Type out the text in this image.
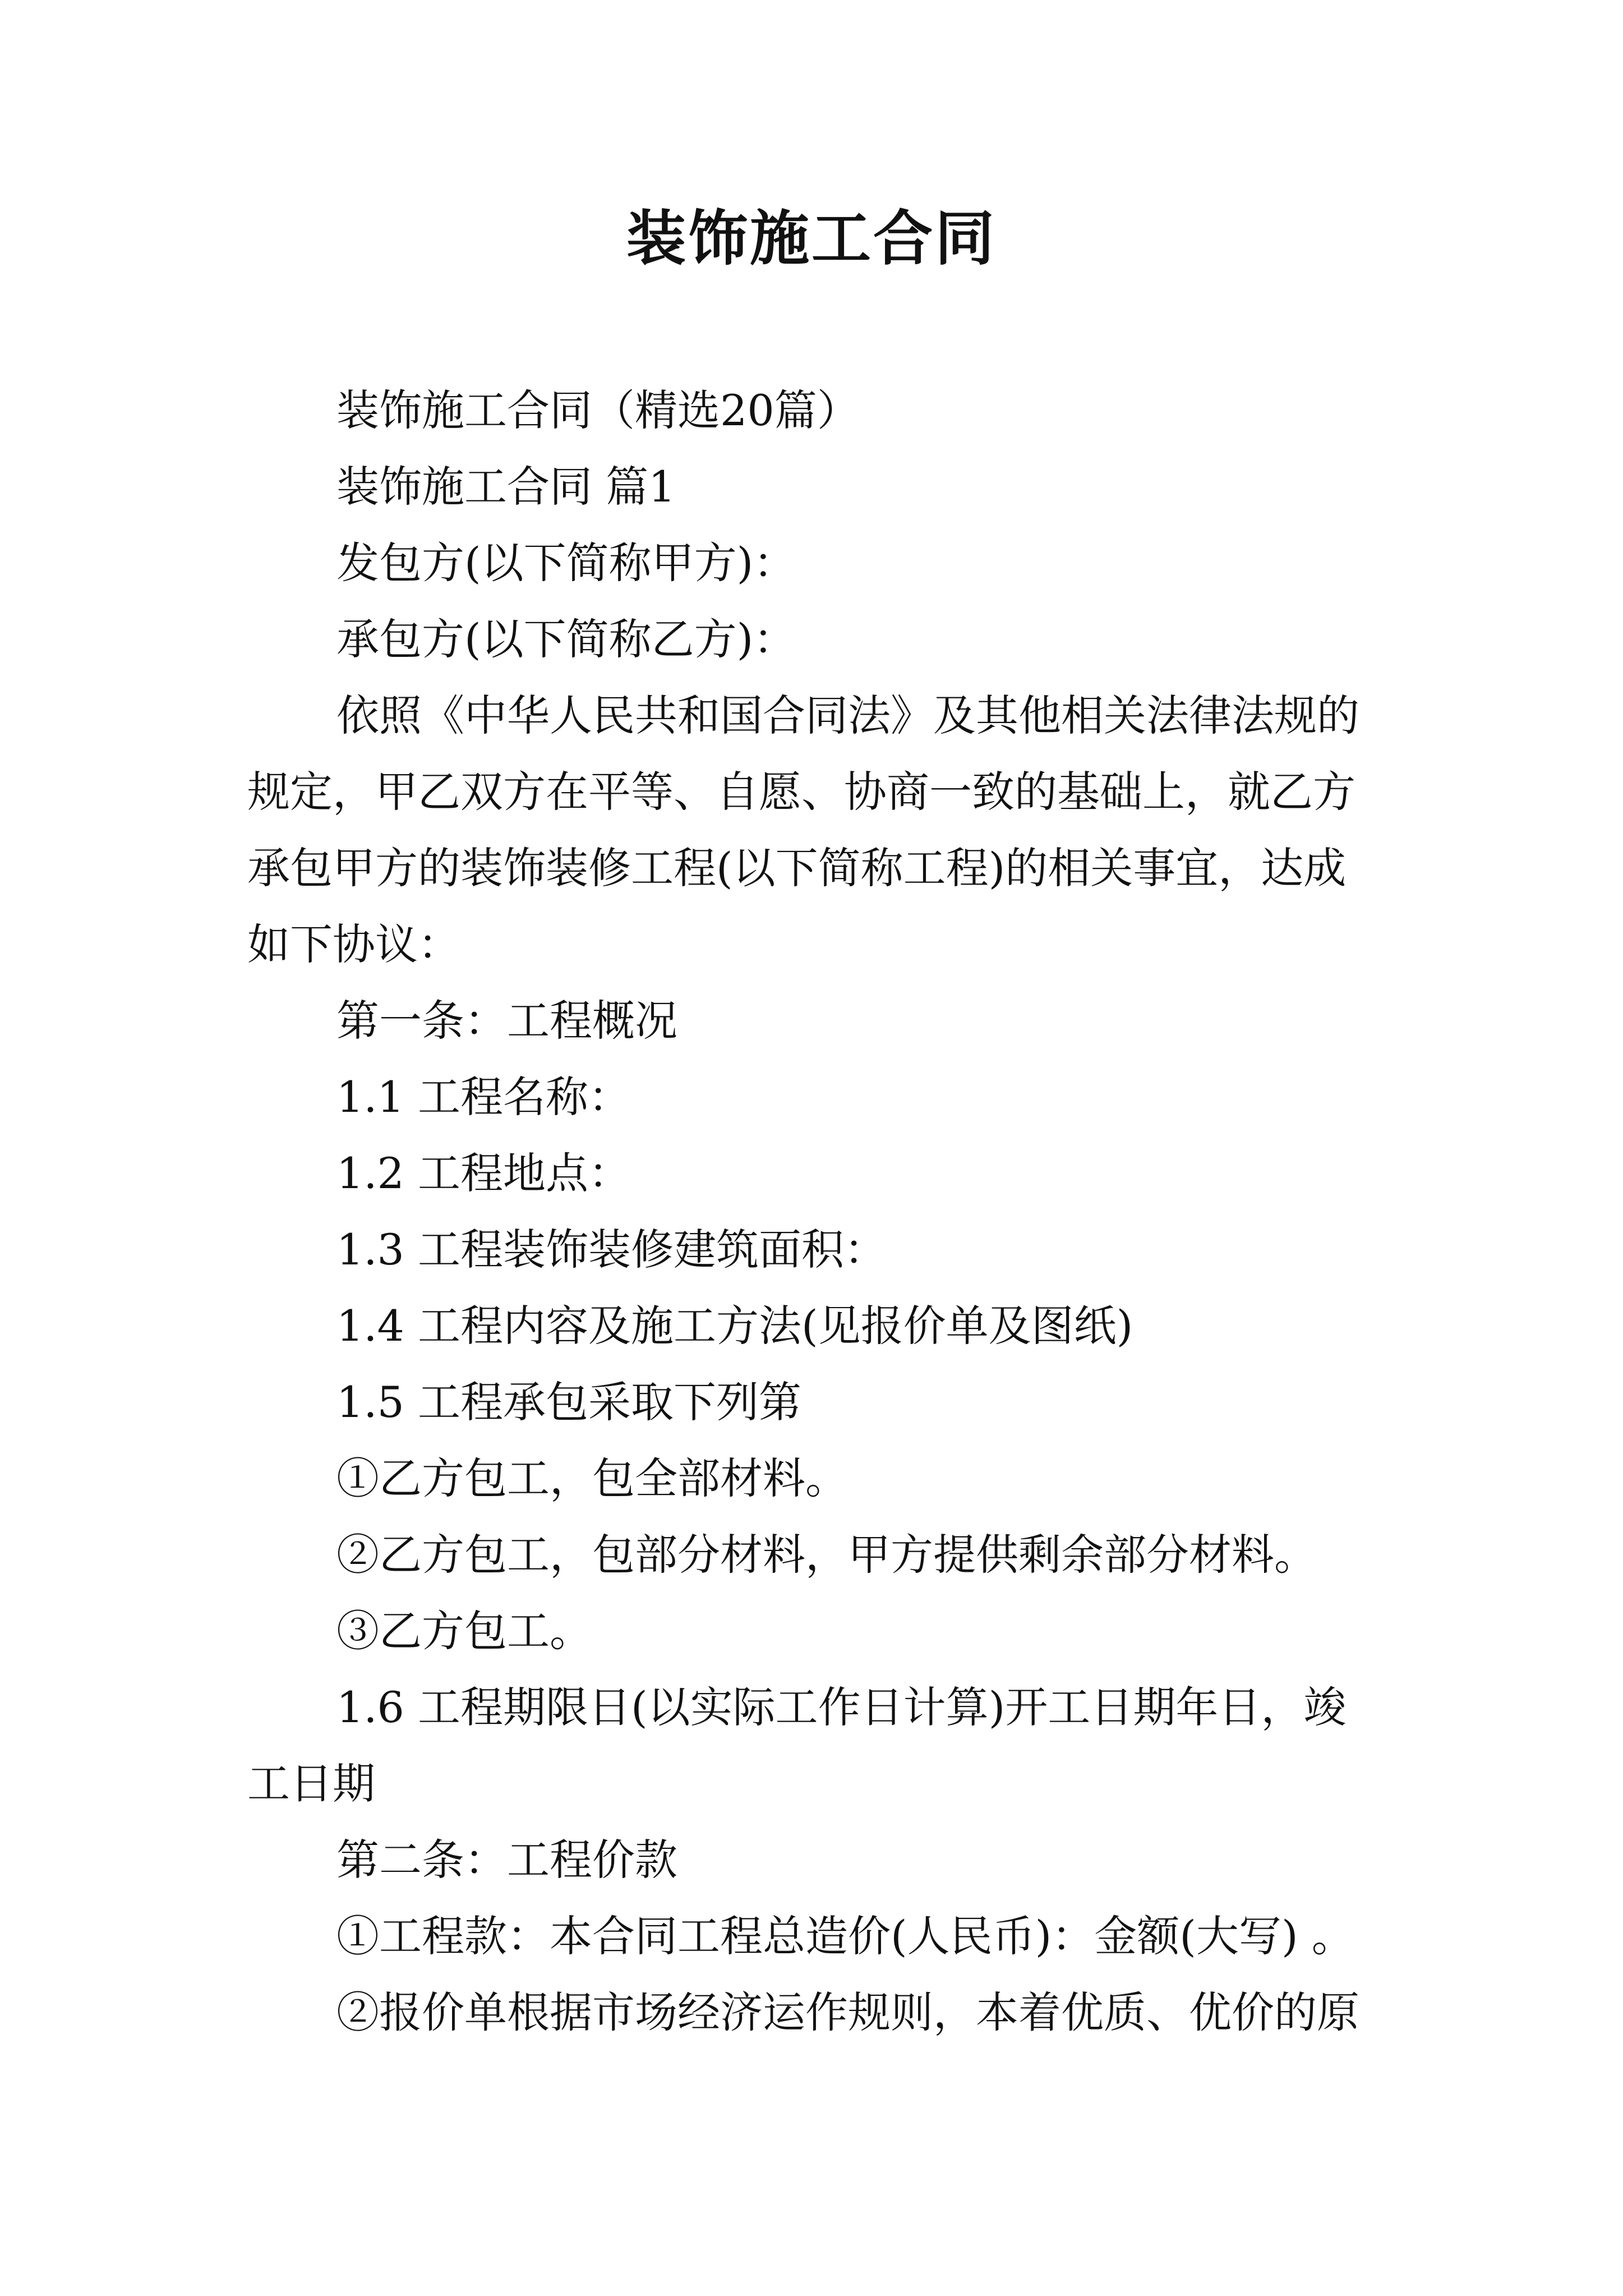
装饰施工合同
装饰施工合同（精选20篇）
装饰施工合同 篇1
发包方(以下简称甲方)：
承包方(以下简称乙方)：
依照《中华人民共和国合同法》及其他相关法律法规的
规定，甲乙双方在平等、自愿、协商一致的基础上，就乙方
承包甲方的装饰装修工程(以下简称工程)的相关事宜，达成
如下协议：
第一条：工程概况
1.1 工程名称：
1.2 工程地点：
1.3 工程装饰装修建筑面积：
1.4 工程内容及施工方法(见报价单及图纸)
1.5 工程承包采取下列第
①乙方包工，包全部材料。
②乙方包工，包部分材料，甲方提供剩余部分材料。
③乙方包工。
1.6 工程期限日(以实际工作日计算)开工日期年日，竣
工日期
第二条：工程价款
①工程款：本合同工程总造价(人民币)：金额(大写) 。
②报价单根据市场经济运作规则，本着优质、优价的原
